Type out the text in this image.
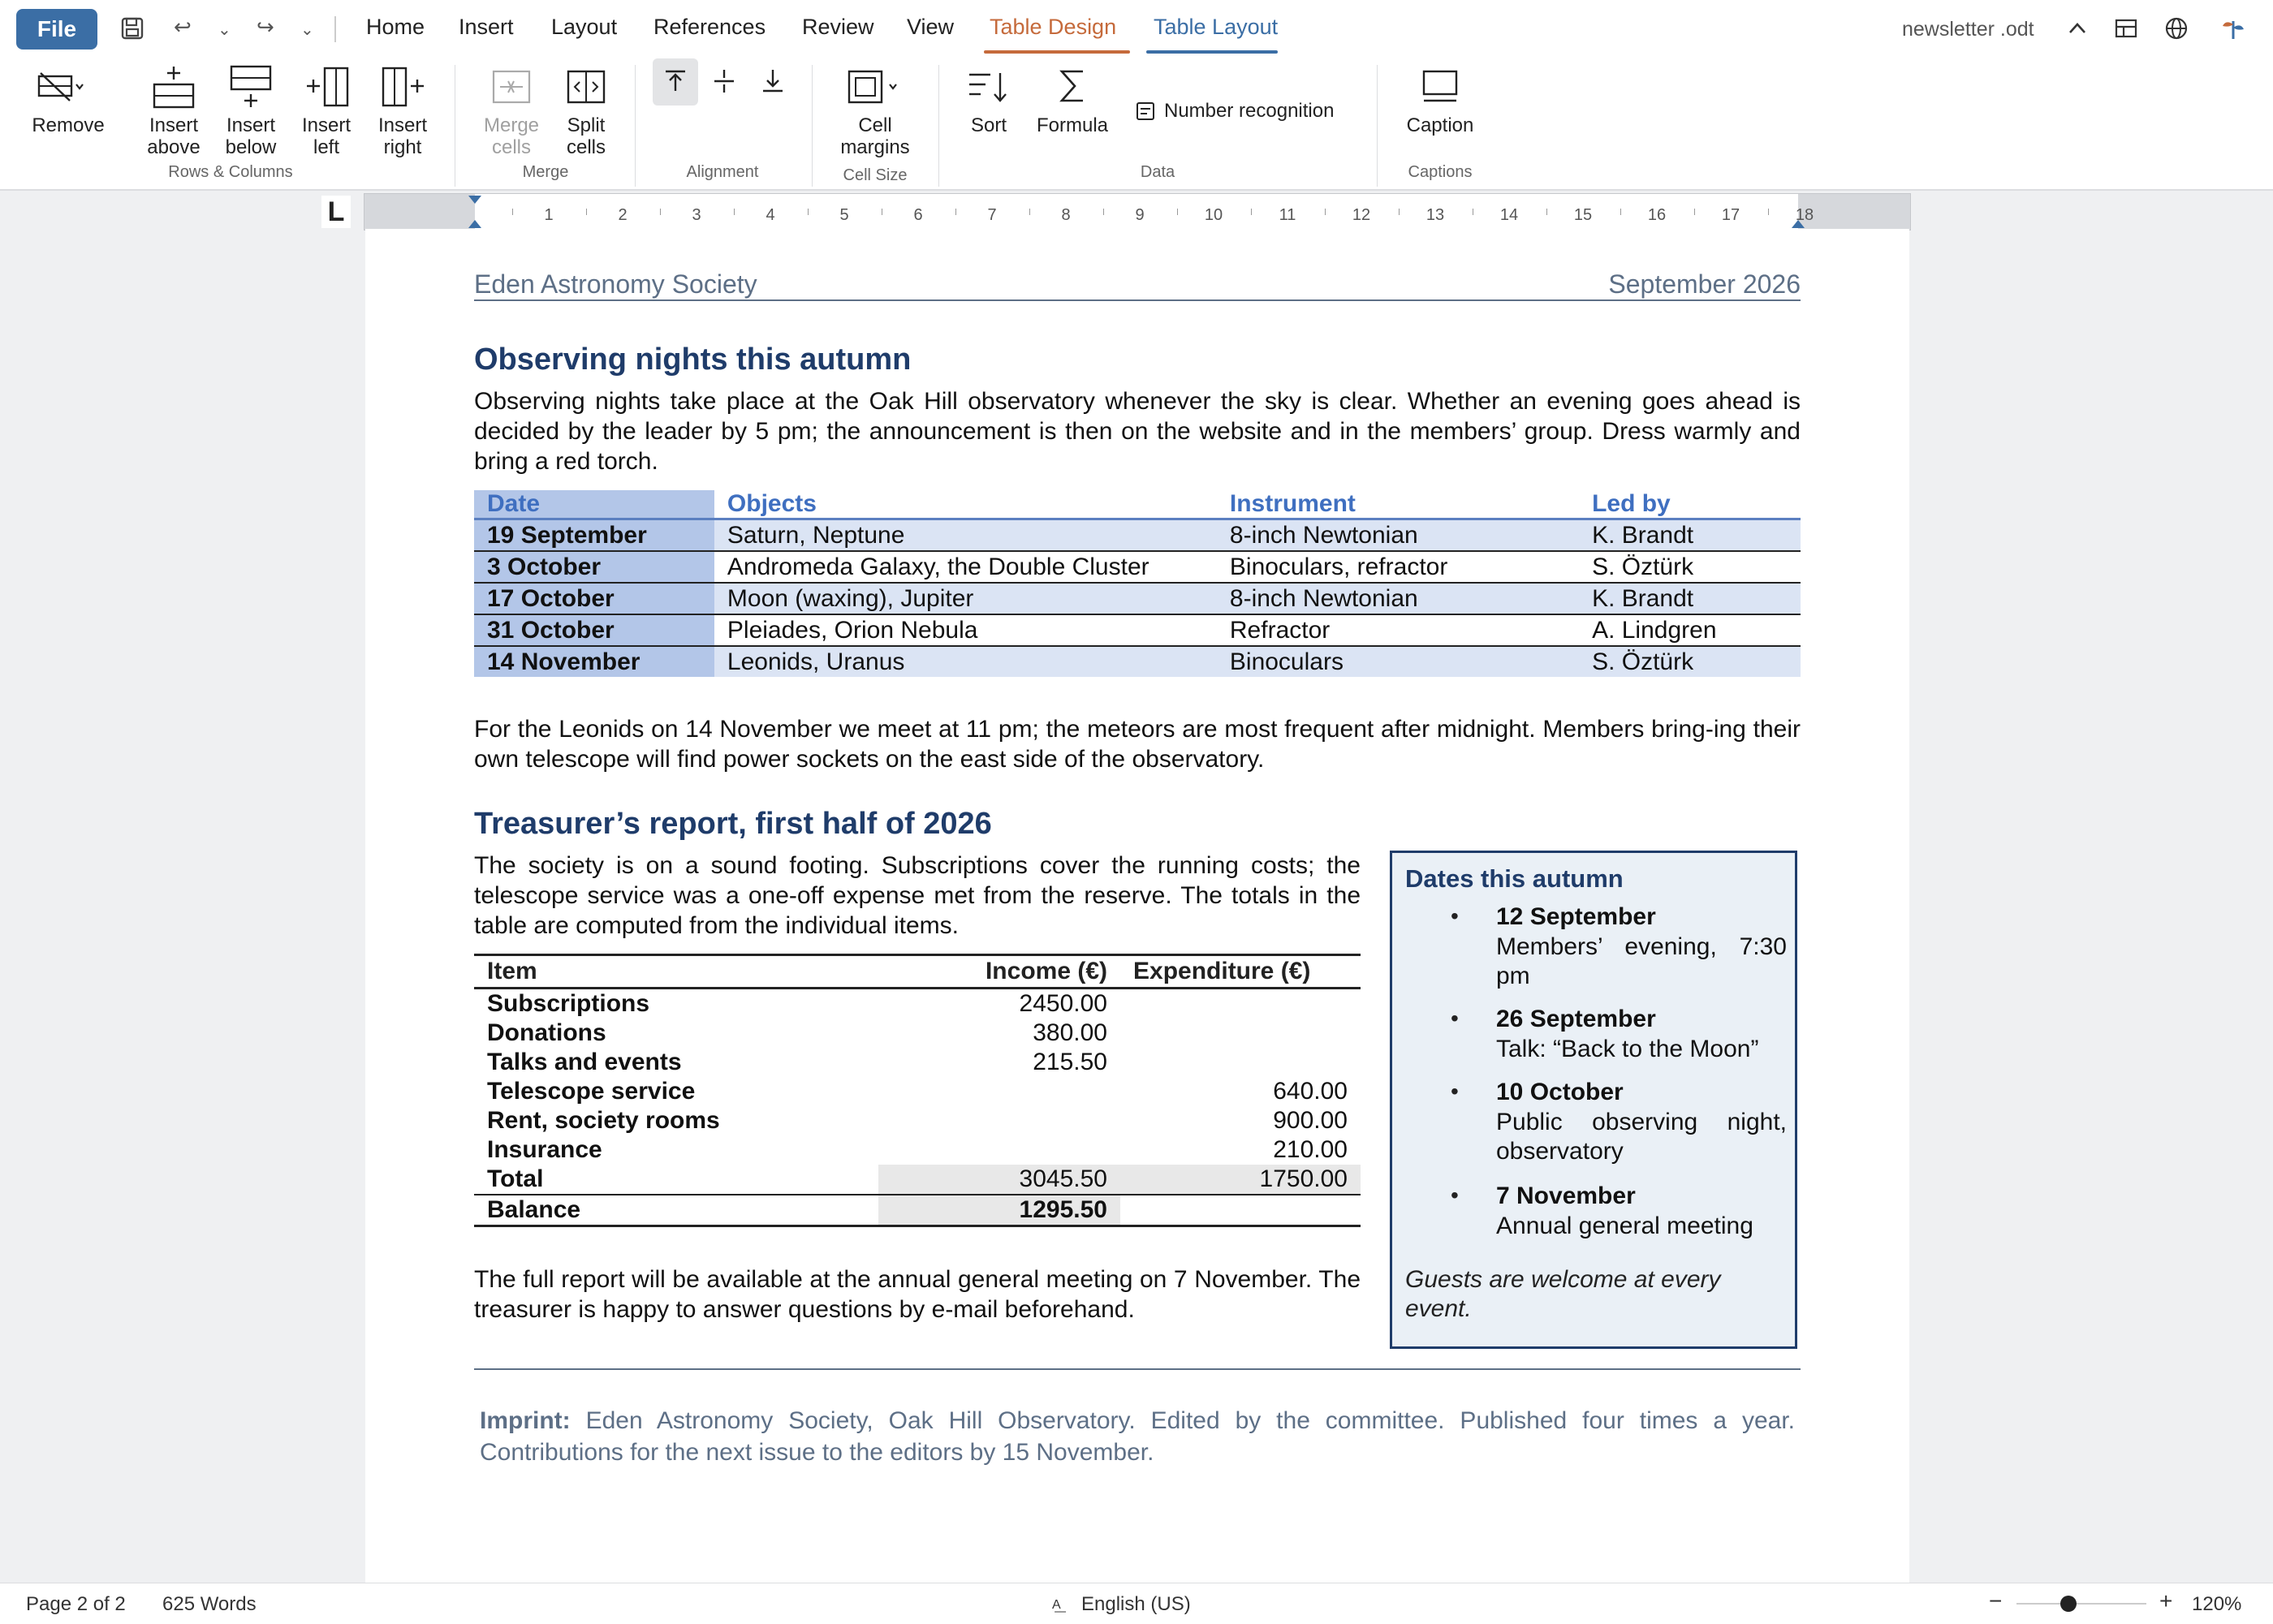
File	↩ ⌄ ↪ ⌄ Home Insert Layout References Review View Table Design Table Layout	newsletter .odt
Remove	Insert
above
Insert
below
Insert
left
Insert
right
Rows & Columns
Merge
cells
Split
cells
Merge	Alignment
Cell
margins
Cell Size
Sort	Formula
Number recognition
Data
Caption
Captions
L	1	2	3	4	5	6	7	8	9	10	11	12	13	14	15	16	17	18
Eden Astronomy Society	September 2026
Observing nights this autumn

Observing nights take place at the Oak Hill observatory whenever the sky is clear. Whether an evening goes ahead is decided by the leader by 5 pm; the announcement is then on the website and in the members’ group. Dress warmly and bring a red torch.

Date	Objects	Instrument	Led by
19 September	Saturn, Neptune	8-inch Newtonian	K. Brandt
3 October	Andromeda Galaxy, the Double Cluster	Binoculars, refractor	S. Öztürk
17 October	Moon (waxing), Jupiter	8-inch Newtonian	K. Brandt
31 October	Pleiades, Orion Nebula	Refractor	A. Lindgren
14 November	Leonids, Uranus	Binoculars	S. Öztürk

For the Leonids on 14 November we meet at 11 pm; the meteors are most frequent after midnight. Members bring-ing their own telescope will find power sockets on the east side of the observatory.

Treasurer’s report, first half of 2026

The society is on a sound footing. Subscriptions cover the running costs; the telescope service was a one-off expense met from the reserve. The totals in the table are computed from the individual items.

Item	Income (€)	Expenditure (€)
Subscriptions	2450.00	
Donations	380.00	
Talks and events	215.50	
Telescope service		640.00
Rent, society rooms		900.00
Insurance		210.00
Total	3045.50	1750.00
Balance	1295.50	

The full report will be available at the annual general meeting on 7 November. The treasurer is happy to answer questions by e-mail beforehand.

Dates this autumn
• 12 September
Members’ evening, 7:30 pm
• 26 September
Talk: “Back to the Moon”
• 10 October
Public observing night, observatory
• 7 November
Annual general meeting
Guests are welcome at every event.

Imprint: Eden Astronomy Society, Oak Hill Observatory. Edited by the committee. Published four times a year. Contributions for the next issue to the editors by 15 November.

Page 2 of 2 625 Words	A͟ English (US)	−	+ 120%
